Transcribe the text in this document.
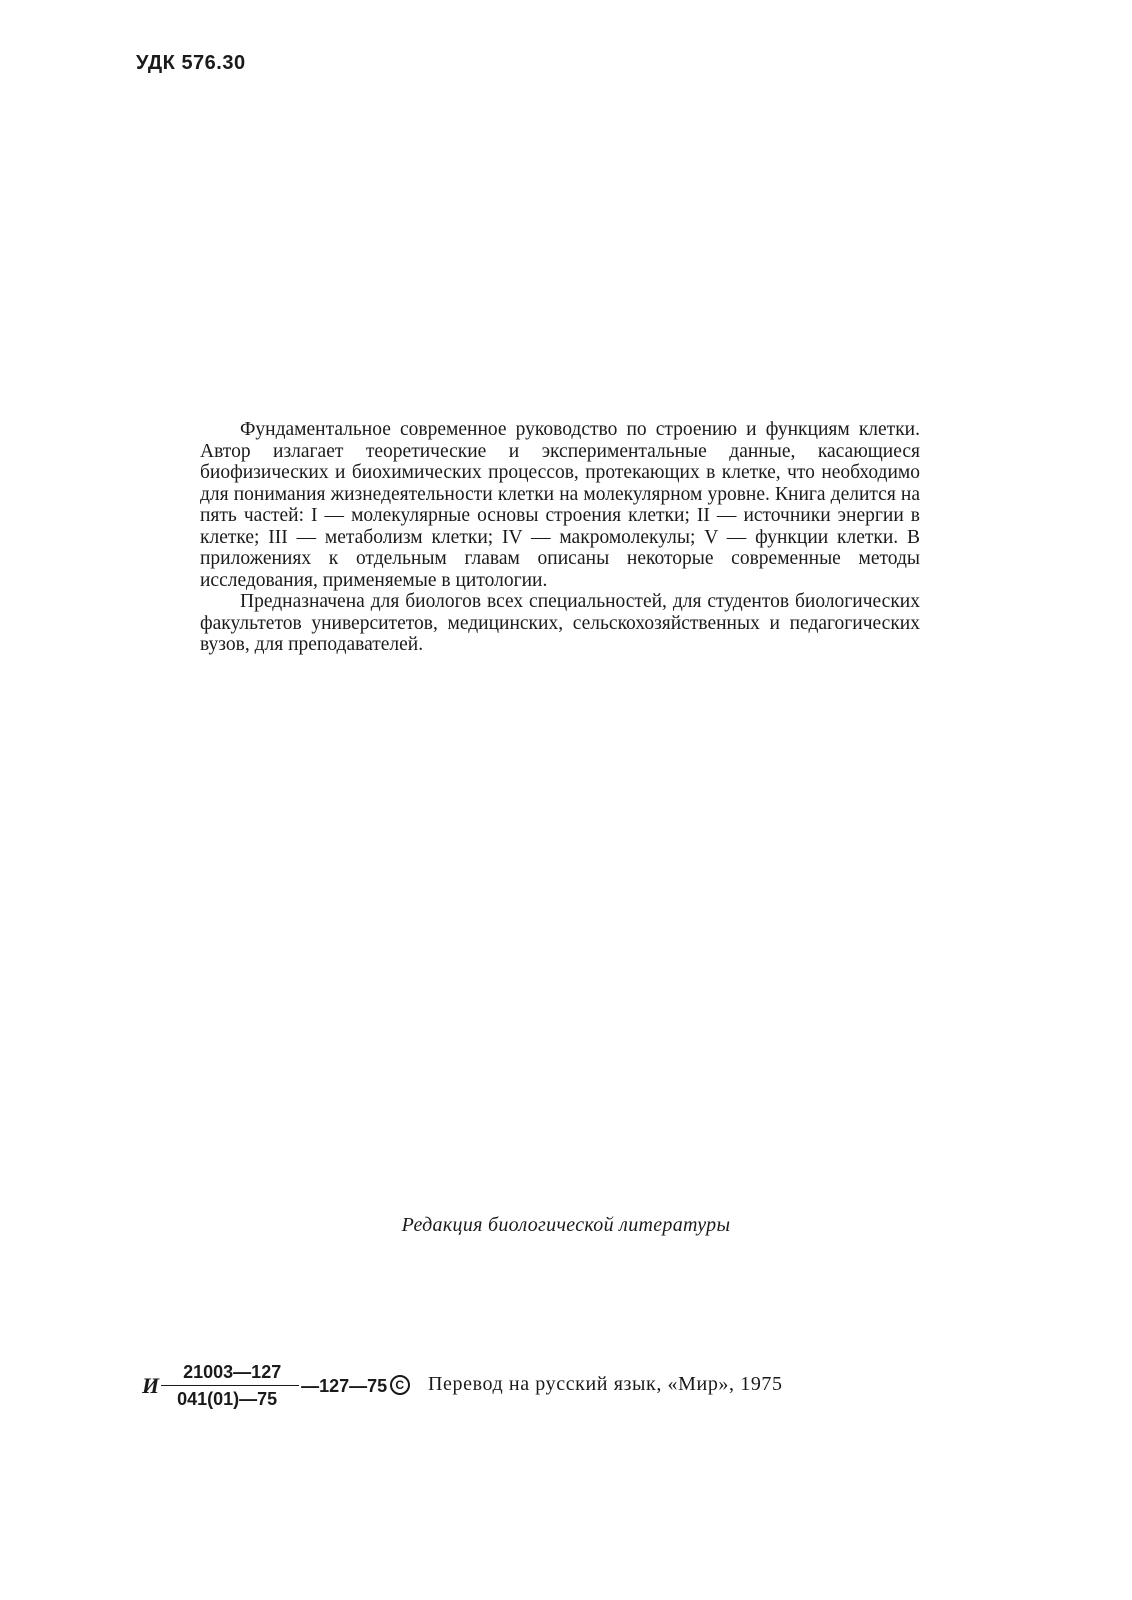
УДК 576.30

Фундаментальное современное руководство по строению и функциям клетки. Автор излагает теоретические и экспериментальные данные, касающиеся биофизических и биохимических процессов, протекающих в клетке, что необходимо для понимания жизнедеятельности клетки на молекулярном уровне. Книга делится на пять частей: I — молекулярные основы строения клетки; II — источники энергии в клетке; III — метаболизм клетки; IV — макромолекулы; V — функции клетки. В приложениях к отдельным главам описаны некоторые современные методы исследования, применяемые в цитологии.

Предназначена для биологов всех специальностей, для студентов биологических факультетов университетов, медицинских, сельскохозяйственных и педагогических вузов, для преподавателей.

Редакция биологической литературы
И $\frac{21003—127}{041(01)—75}$ —127—75 C Перевод на русский язык, «Мир», 1975
